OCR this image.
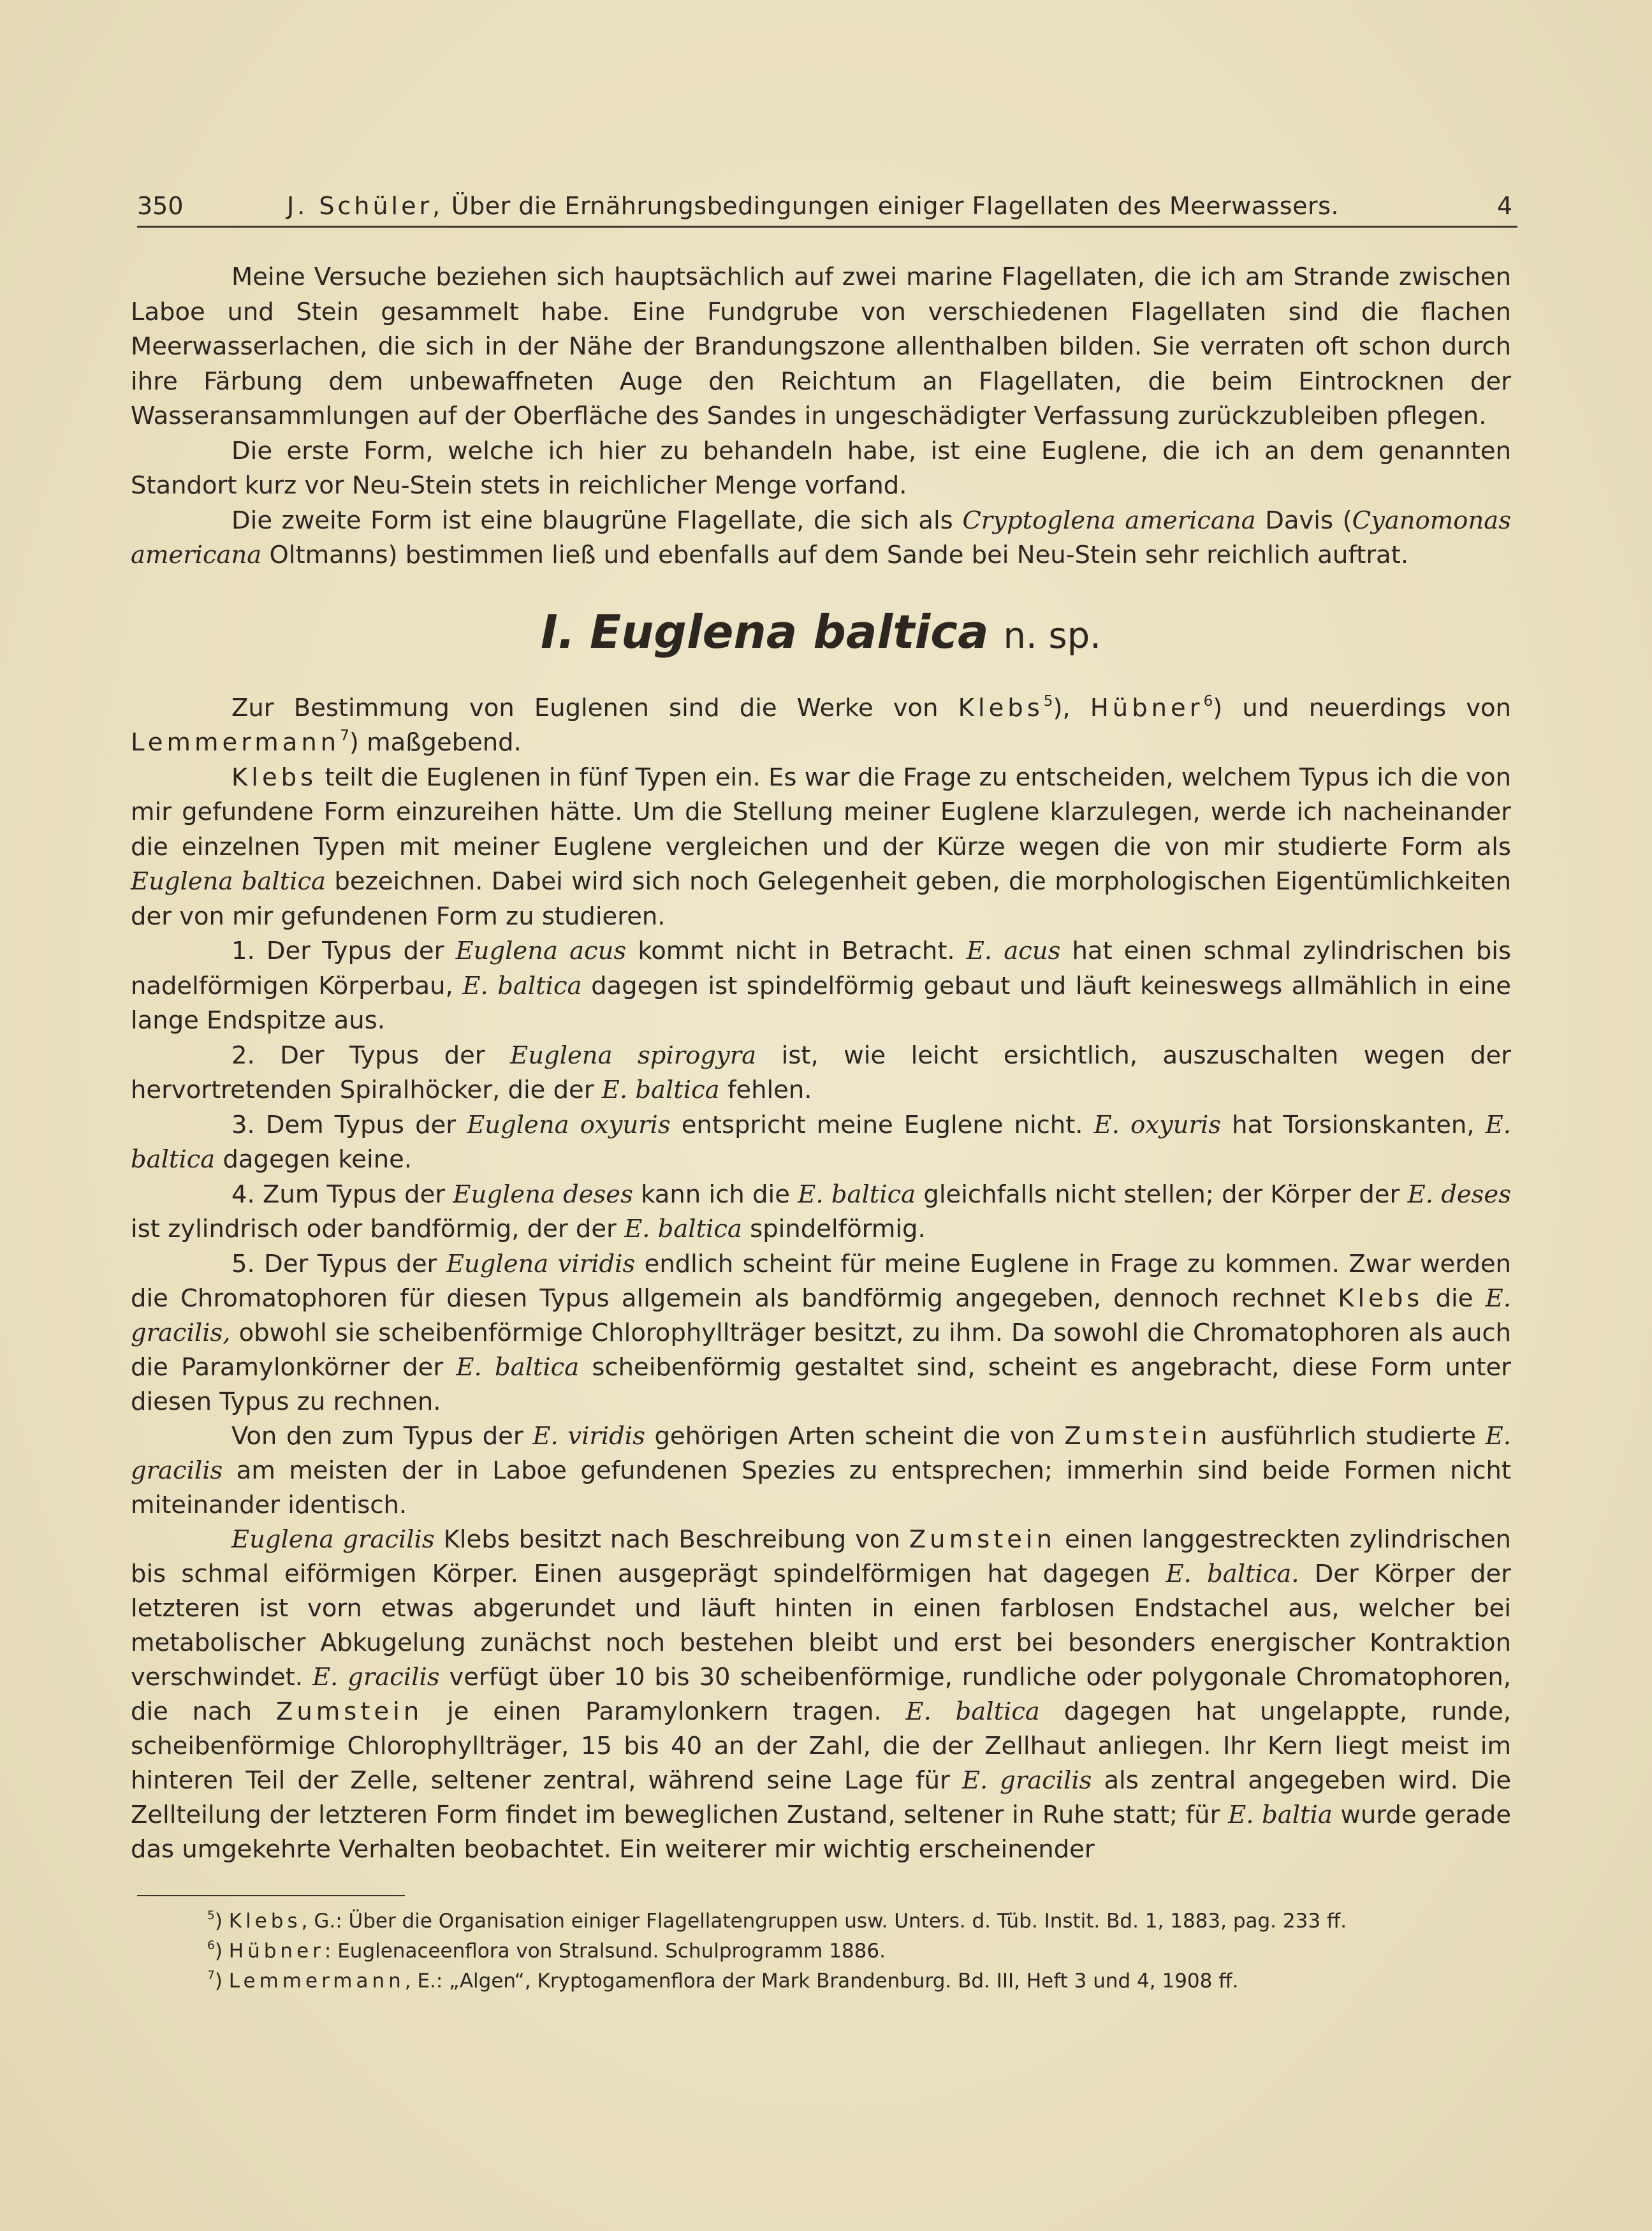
350	J. Schüler, Über die Ernährungsbedingungen einiger Flagellaten des Meerwassers.	4

Meine Versuche beziehen sich hauptsächlich auf zwei marine Flagellaten, die ich am Strande zwischen Laboe und Stein gesammelt habe. Eine Fundgrube von verschiedenen Flagellaten sind die flachen Meerwasserlachen, die sich in der Nähe der Brandungszone allenthalben bilden. Sie verraten oft schon durch ihre Färbung dem unbewaffneten Auge den Reichtum an Flagellaten, die beim Eintrocknen der Wasseransammlungen auf der Oberfläche des Sandes in ungeschädigter Verfassung zurückzubleiben pflegen.

Die erste Form, welche ich hier zu behandeln habe, ist eine Euglene, die ich an dem genannten Standort kurz vor Neu-Stein stets in reichlicher Menge vorfand.

Die zweite Form ist eine blaugrüne Flagellate, die sich als Cryptoglena americana Davis (Cyanomonas americana Oltmanns) bestimmen ließ und ebenfalls auf dem Sande bei Neu-Stein sehr reichlich auftrat.

I. Euglena baltica n. sp.

Zur Bestimmung von Euglenen sind die Werke von Klebs$^5$), Hübner$^6$) und neuerdings von Lemmermann$^7$) maßgebend.

Klebs teilt die Euglenen in fünf Typen ein. Es war die Frage zu entscheiden, welchem Typus ich die von mir gefundene Form einzureihen hätte. Um die Stellung meiner Euglene klarzulegen, werde ich nacheinander die einzelnen Typen mit meiner Euglene vergleichen und der Kürze wegen die von mir studierte Form als Euglena baltica bezeichnen. Dabei wird sich noch Gelegenheit geben, die morphologischen Eigentümlichkeiten der von mir gefundenen Form zu studieren.

1. Der Typus der Euglena acus kommt nicht in Betracht. E. acus hat einen schmal zylindrischen bis nadelförmigen Körperbau, E. baltica dagegen ist spindelförmig gebaut und läuft keineswegs allmählich in eine lange Endspitze aus.

2. Der Typus der Euglena spirogyra ist, wie leicht ersichtlich, auszuschalten wegen der hervortretenden Spiralhöcker, die der E. baltica fehlen.

3. Dem Typus der Euglena oxyuris entspricht meine Euglene nicht. E. oxyuris hat Torsionskanten, E. baltica dagegen keine.

4. Zum Typus der Euglena deses kann ich die E. baltica gleichfalls nicht stellen; der Körper der E. deses ist zylindrisch oder bandförmig, der der E. baltica spindelförmig.

5. Der Typus der Euglena viridis endlich scheint für meine Euglene in Frage zu kommen. Zwar werden die Chromatophoren für diesen Typus allgemein als bandförmig angegeben, dennoch rechnet Klebs die E. gracilis, obwohl sie scheibenförmige Chlorophyllträger besitzt, zu ihm. Da sowohl die Chromatophoren als auch die Paramylonkörner der E. baltica scheibenförmig gestaltet sind, scheint es angebracht, diese Form unter diesen Typus zu rechnen.

Von den zum Typus der E. viridis gehörigen Arten scheint die von Zumstein ausführlich studierte E. gracilis am meisten der in Laboe gefundenen Spezies zu entsprechen; immerhin sind beide Formen nicht miteinander identisch.

Euglena gracilis Klebs besitzt nach Beschreibung von Zumstein einen langgestreckten zylindrischen bis schmal eiförmigen Körper. Einen ausgeprägt spindelförmigen hat dagegen E. baltica. Der Körper der letzteren ist vorn etwas abgerundet und läuft hinten in einen farblosen Endstachel aus, welcher bei metabolischer Abkugelung zunächst noch bestehen bleibt und erst bei besonders energischer Kontraktion verschwindet. E. gracilis verfügt über 10 bis 30 scheibenförmige, rundliche oder polygonale Chromatophoren, die nach Zumstein je einen Paramylonkern tragen. E. baltica dagegen hat ungelappte, runde, scheibenförmige Chlorophyllträger, 15 bis 40 an der Zahl, die der Zellhaut anliegen. Ihr Kern liegt meist im hinteren Teil der Zelle, seltener zentral, während seine Lage für E. gracilis als zentral angegeben wird. Die Zellteilung der letzteren Form findet im beweglichen Zustand, seltener in Ruhe statt; für E. baltia wurde gerade das umgekehrte Verhalten beobachtet. Ein weiterer mir wichtig erscheinender

$^5$) Klebs, G.: Über die Organisation einiger Flagellatengruppen usw. Unters. d. Tüb. Instit. Bd. 1, 1883, pag. 233 ff.

$^6$) Hübner: Euglenaceenflora von Stralsund. Schulprogramm 1886.

$^7$) Lemmermann, E.: „Algen“, Kryptogamenflora der Mark Brandenburg. Bd. III, Heft 3 und 4, 1908 ff.
